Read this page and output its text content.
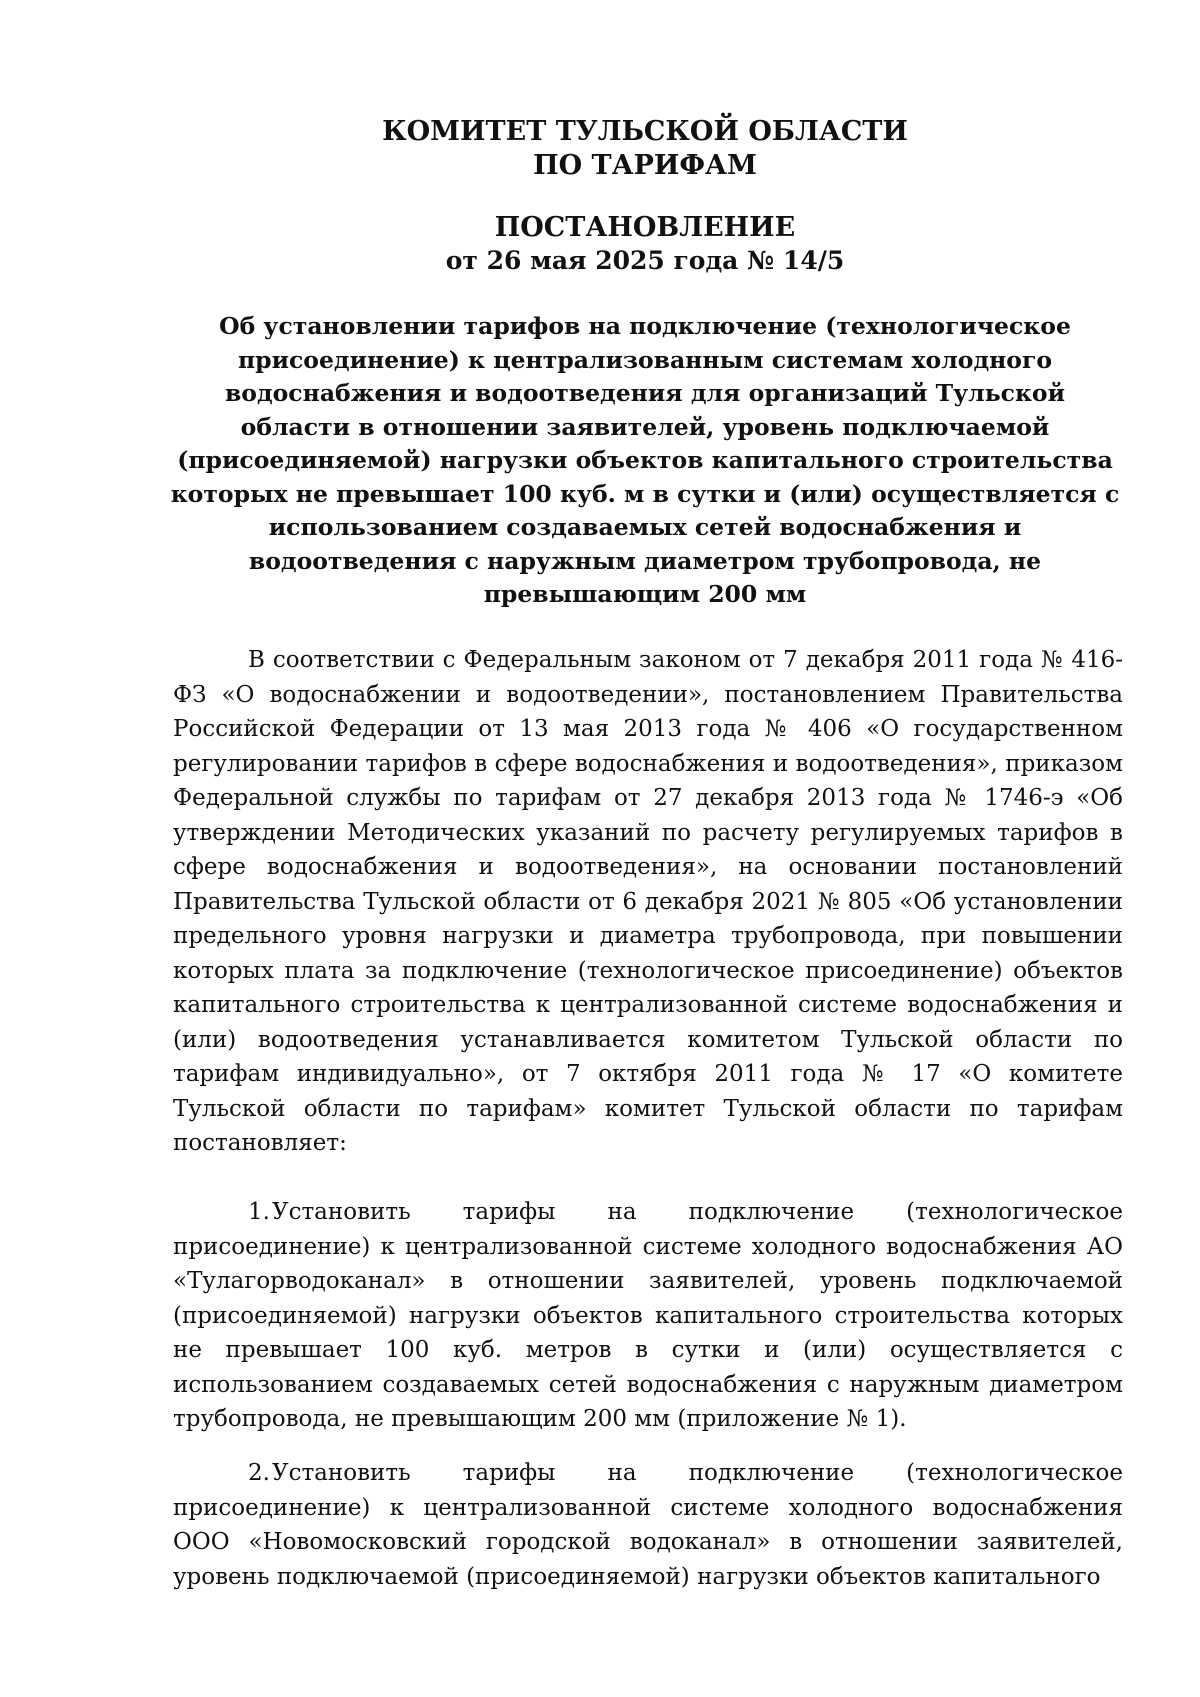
КОМИТЕТ ТУЛЬСКОЙ ОБЛАСТИ
ПО ТАРИФАМ
ПОСТАНОВЛЕНИЕ
от 26 мая 2025 года № 14/5
Об установлении тарифов на подключение (технологическое присоединение) к централизованным системам холодного водоснабжения и водоотведения для организаций Тульской области в отношении заявителей, уровень подключаемой (присоединяемой) нагрузки объектов капитального строительства которых не превышает 100 куб. м в сутки и (или) осуществляется с использованием создаваемых сетей водоснабжения и водоотведения с наружным диаметром трубопровода, не превышающим 200 мм

В соответствии с Федеральным законом от 7 декабря 2011 года № 416-ФЗ «О водоснабжении и водоотведении», постановлением Правительства Российской Федерации от 13 мая 2013 года № 406 «О государственном регулировании тарифов в сфере водоснабжения и водоотведения», приказом Федеральной службы по тарифам от 27 декабря 2013 года № 1746-э «Об утверждении Методических указаний по расчету регулируемых тарифов в сфере водоснабжения и водоотведения», на основании постановлений Правительства Тульской области от 6 декабря 2021 № 805 «Об установлении предельного уровня нагрузки и диаметра трубопровода, при повышении которых плата за подключение (технологическое присоединение) объектов капитального строительства к централизованной системе водоснабжения и (или) водоотведения устанавливается комитетом Тульской области по тарифам индивидуально», от 7 октября 2011 года № 17 «О комитете Тульской области по тарифам» комитет Тульской области по тарифам постановляет:

1.Установить тарифы на подключение (технологическое присоединение) к централизованной системе холодного водоснабжения АО «Тулагорводоканал» в отношении заявителей, уровень подключаемой (присоединяемой) нагрузки объектов капитального строительства которых не превышает 100 куб. метров в сутки и (или) осуществляется с использованием создаваемых сетей водоснабжения с наружным диаметром трубопровода, не превышающим 200 мм (приложение № 1).

2.Установить тарифы на подключение (технологическое присоединение) к централизованной системе холодного водоснабжения ООО «Новомосковский городской водоканал» в отношении заявителей, уровень подключаемой (присоединяемой) нагрузки объектов капитального
